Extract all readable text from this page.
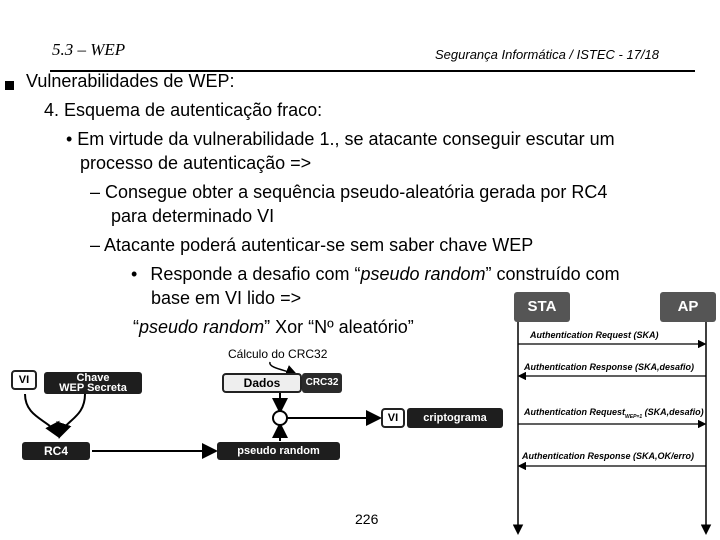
5.3 – WEP	Segurança Informática / ISTEC - 17/18
Vulnerabilidades de WEP:
4. Esquema de autenticação fraco:
• Em virtude da vulnerabilidade 1., se atacante conseguir escutar um
processo de autenticação =>
– Consegue obter a sequência pseudo-aleatória gerada por RC4
para determinado VI
– Atacante poderá autenticar-se sem saber chave WEP
• Responde a desafio com “pseudo random” construído com
base em VI lido =>
“pseudo random” Xor “Nº aleatório”
VI	Chave
WEP Secreta
RC4
Cálculo do CRC32
Dados	CRC32
pseudo random
VI	criptograma
STA	AP
Authentication Request (SKA)
Authentication Response (SKA,desafio)
Authentication Request$_{WEP=1}$ (SKA,desafio)
Authentication Response (SKA,OK/erro)
226
